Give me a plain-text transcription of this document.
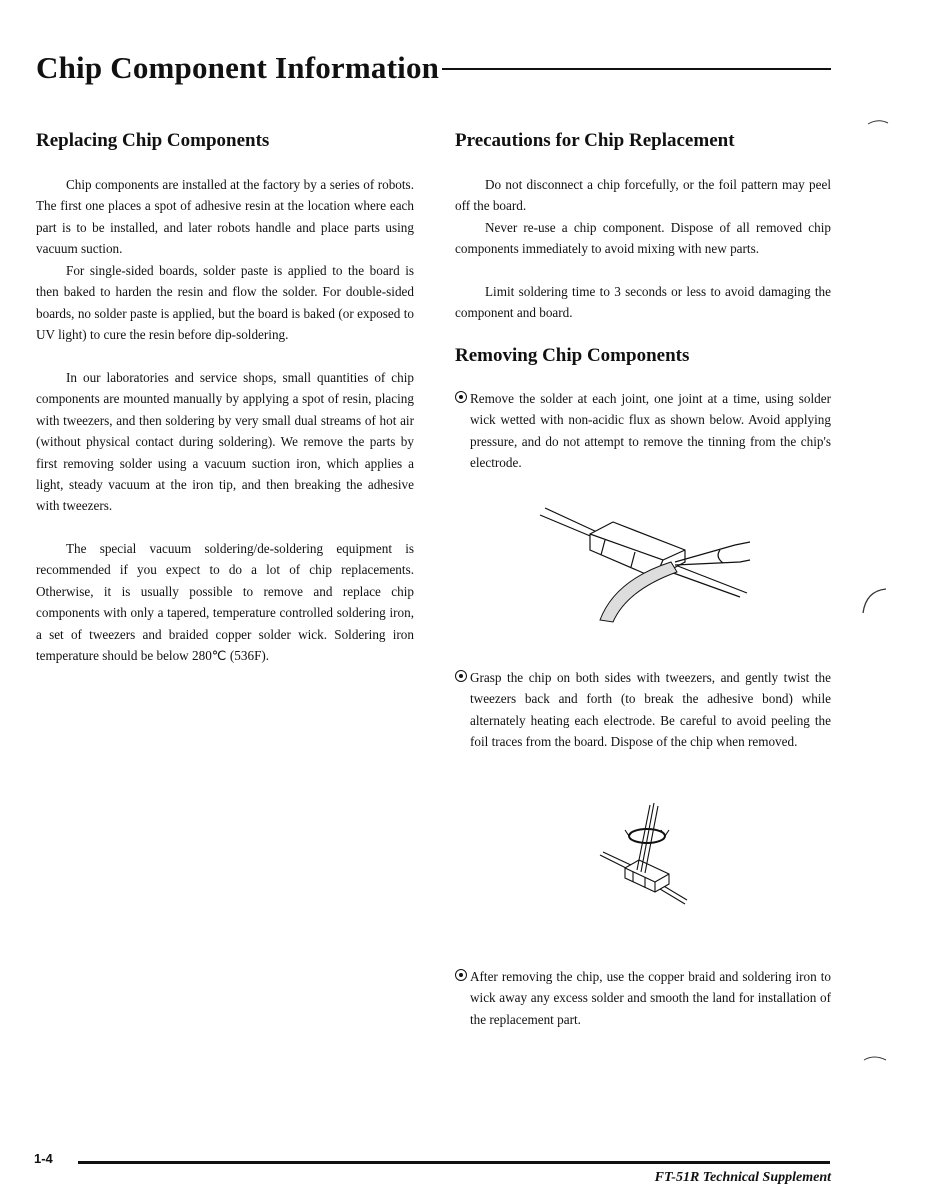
Chip Component Information
Replacing Chip Components

Chip components are installed at the factory by a series of robots. The first one places a spot of adhesive resin at the location where each part is to be installed, and later robots handle and place parts using vacuum suction.

For single-sided boards, solder paste is applied to the board is then baked to harden the resin and flow the solder. For double-sided boards, no solder paste is applied, but the board is baked (or exposed to UV light) to cure the resin before dip-soldering.

In our laboratories and service shops, small quantities of chip components are mounted manually by applying a spot of resin, placing with tweezers, and then soldering by very small dual streams of hot air (without physical contact during soldering). We remove the parts by first removing solder using a vacuum suction iron, which applies a light, steady vacuum at the iron tip, and then breaking the adhesive with tweezers.

The special vacuum soldering/de-soldering equipment is recommended if you expect to do a lot of chip replacements. Otherwise, it is usually possible to remove and replace chip components with only a tapered, temperature controlled soldering iron, a set of tweezers and braided copper solder wick. Soldering iron temperature should be below 280℃ (536F).

Precautions for Chip Replacement

Do not disconnect a chip forcefully, or the foil pattern may peel off the board.

Never re-use a chip component. Dispose of all removed chip components immediately to avoid mixing with new parts.

Limit soldering time to 3 seconds or less to avoid damaging the component and board.

Removing Chip Components
Remove the solder at each joint, one joint at a time, using solder wick wetted with non-acidic flux as shown below. Avoid applying pressure, and do not attempt to remove the tinning from the chip's electrode.
Grasp the chip on both sides with tweezers, and gently twist the tweezers back and forth (to break the adhesive bond) while alternately heating each electrode. Be careful to avoid peeling the foil traces from the board. Dispose of the chip when removed.
After removing the chip, use the copper braid and soldering iron to wick away any excess solder and smooth the land for installation of the replacement part.
1-4
FT-51R Technical Supplement
